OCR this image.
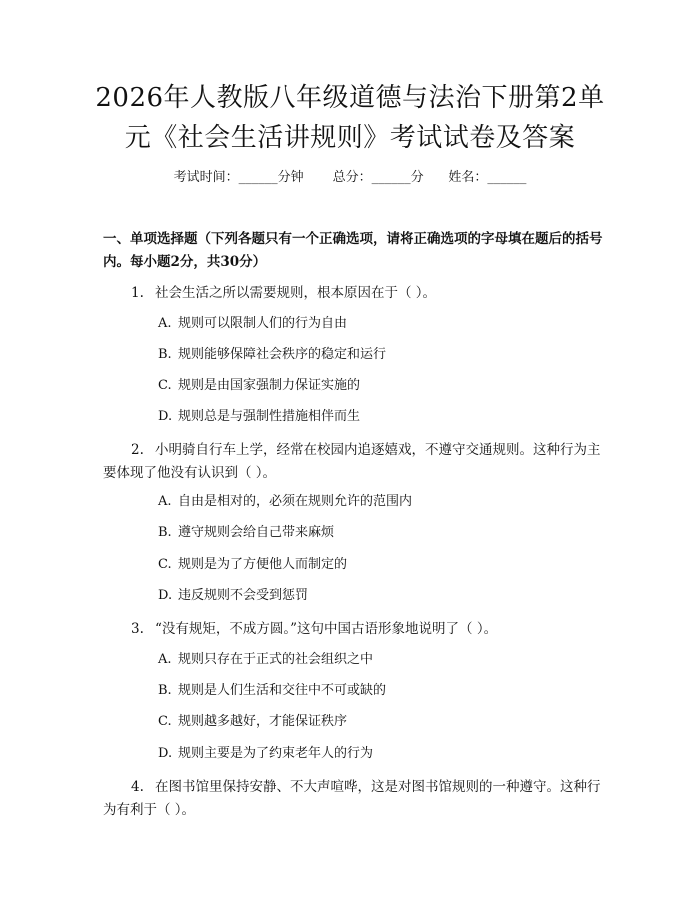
2026年人教版八年级道德与法治下册第2单
元《社会生活讲规则》考试试卷及答案
考试时间：______分钟 总分：______分 姓名：______

一、单项选择题（下列各题只有一个正确选项，请将正确选项的字母填在题后的括号内。每小题2分，共30分）

1. 社会生活之所以需要规则，根本原因在于（ ）。

A. 规则可以限制人们的行为自由

B. 规则能够保障社会秩序的稳定和运行

C. 规则是由国家强制力保证实施的

D. 规则总是与强制性措施相伴而生

2. 小明骑自行车上学，经常在校园内追逐嬉戏，不遵守交通规则。这种行为主要体现了他没有认识到（ ）。

A. 自由是相对的，必须在规则允许的范围内

B. 遵守规则会给自己带来麻烦

C. 规则是为了方便他人而制定的

D. 违反规则不会受到惩罚

3. “没有规矩，不成方圆。”这句中国古语形象地说明了（ ）。

A. 规则只存在于正式的社会组织之中

B. 规则是人们生活和交往中不可或缺的

C. 规则越多越好，才能保证秩序

D. 规则主要是为了约束老年人的行为

4. 在图书馆里保持安静、不大声喧哗，这是对图书馆规则的一种遵守。这种行为有利于（ ）。
